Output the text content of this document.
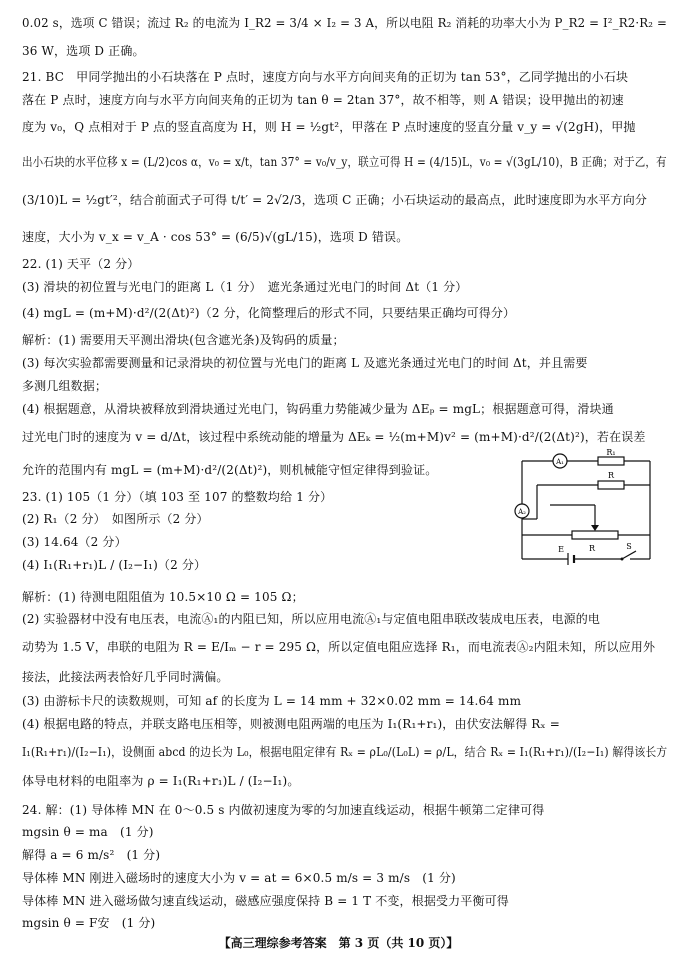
0.02 s，选项 C 错误；流过 R₂ 的电流为 I_R2 = 3/4 × I₂ = 3 A，所以电阻 R₂ 消耗的功率大小为 P_R2 = I²_R2·R₂ =
36 W，选项 D 正确。
21. BC　甲同学抛出的小石块落在 P 点时，速度方向与水平方向间夹角的正切为 tan 53°，乙同学抛出的小石块
落在 P 点时，速度方向与水平方向间夹角的正切为 tan θ = 2tan 37°，故不相等，则 A 错误；设甲抛出的初速
度为 v₀，Q 点相对于 P 点的竖直高度为 H，则 H = ½gt²，甲落在 P 点时速度的竖直分量 v_y = √(2gH)，甲抛
出小石块的水平位移 x = (L/2)cos α，v₀ = x/t，tan 37° = v₀/v_y，联立可得 H = (4/15)L，v₀ = √(3gL/10)，B 正确；对于乙，有
(3/10)L = ½gt′²，结合前面式子可得 t/t′ = 2√2/3，选项 C 正确；小石块运动的最高点，此时速度即为水平方向分
速度，大小为 v_x = v_A · cos 53° = (6/5)√(gL/15)，选项 D 错误。
22. (1) 天平（2 分）
(3) 滑块的初位置与光电门的距离 L（1 分）　遮光条通过光电门的时间 Δt（1 分）
(4) mgL = (m+M)·d²/(2(Δt)²)（2 分，化简整理后的形式不同，只要结果正确均可得分）
解析：(1) 需要用天平测出滑块(包含遮光条)及钩码的质量；
(3) 每次实验都需要测量和记录滑块的初位置与光电门的距离 L 及遮光条通过光电门的时间 Δt，并且需要
多测几组数据；
(4) 根据题意，从滑块被释放到滑块通过光电门，钩码重力势能减少量为 ΔEₚ = mgL；根据题意可得，滑块通
过光电门时的速度为 v = d/Δt，该过程中系统动能的增量为 ΔEₖ = ½(m+M)v² = (m+M)·d²/(2(Δt)²)，若在误差
允许的范围内有 mgL = (m+M)·d²/(2(Δt)²)，则机械能守恒定律得到验证。
23. (1) 105（1 分）（填 103 至 107 的整数均给 1 分）
(2) R₁（2 分）　如图所示（2 分）
(3) 14.64（2 分）
(4) I₁(R₁+r₁)L / (I₂−I₁)（2 分）
解析：(1) 待测电阻阻值为 10.5×10 Ω = 105 Ω；
(2) 实验器材中没有电压表，电流Ⓐ₁的内阻已知，所以应用电流Ⓐ₁与定值电阻串联改装成电压表，电源的电
动势为 1.5 V，串联的电阻为 R = E/Iₘ − r = 295 Ω，所以定值电阻应选择 R₁，而电流表Ⓐ₂内阻未知，所以应用外
接法，此接法两表恰好几乎同时满偏。
(3) 由游标卡尺的读数规则，可知 af 的长度为 L = 14 mm + 32×0.02 mm = 14.64 mm
(4) 根据电路的特点，并联支路电压相等，则被测电阻两端的电压为 I₁(R₁+r₁)，由伏安法解得 Rₓ =
I₁(R₁+r₁)/(I₂−I₁)，设侧面 abcd 的边长为 L₀，根据电阻定律有 Rₓ = ρL₀/(L₀L) = ρ/L，结合 Rₓ = I₁(R₁+r₁)/(I₂−I₁) 解得该长方
体导电材料的电阻率为 ρ = I₁(R₁+r₁)L / (I₂−I₁)。
24. 解：(1) 导体棒 MN 在 0～0.5 s 内做初速度为零的匀加速直线运动，根据牛顿第二定律可得
mgsin θ = ma　(1 分)
解得 a = 6 m/s²　(1 分)
导体棒 MN 刚进入磁场时的速度大小为 v = at = 6×0.5 m/s = 3 m/s　(1 分)
导体棒 MN 进入磁场做匀速直线运动，磁感应强度保持 B = 1 T 不变，根据受力平衡可得
mgsin θ = F安　(1 分)
A₁
R₁
R
A₂
R
E	S
【高三理综参考答案　第 3 页（共 10 页）】
